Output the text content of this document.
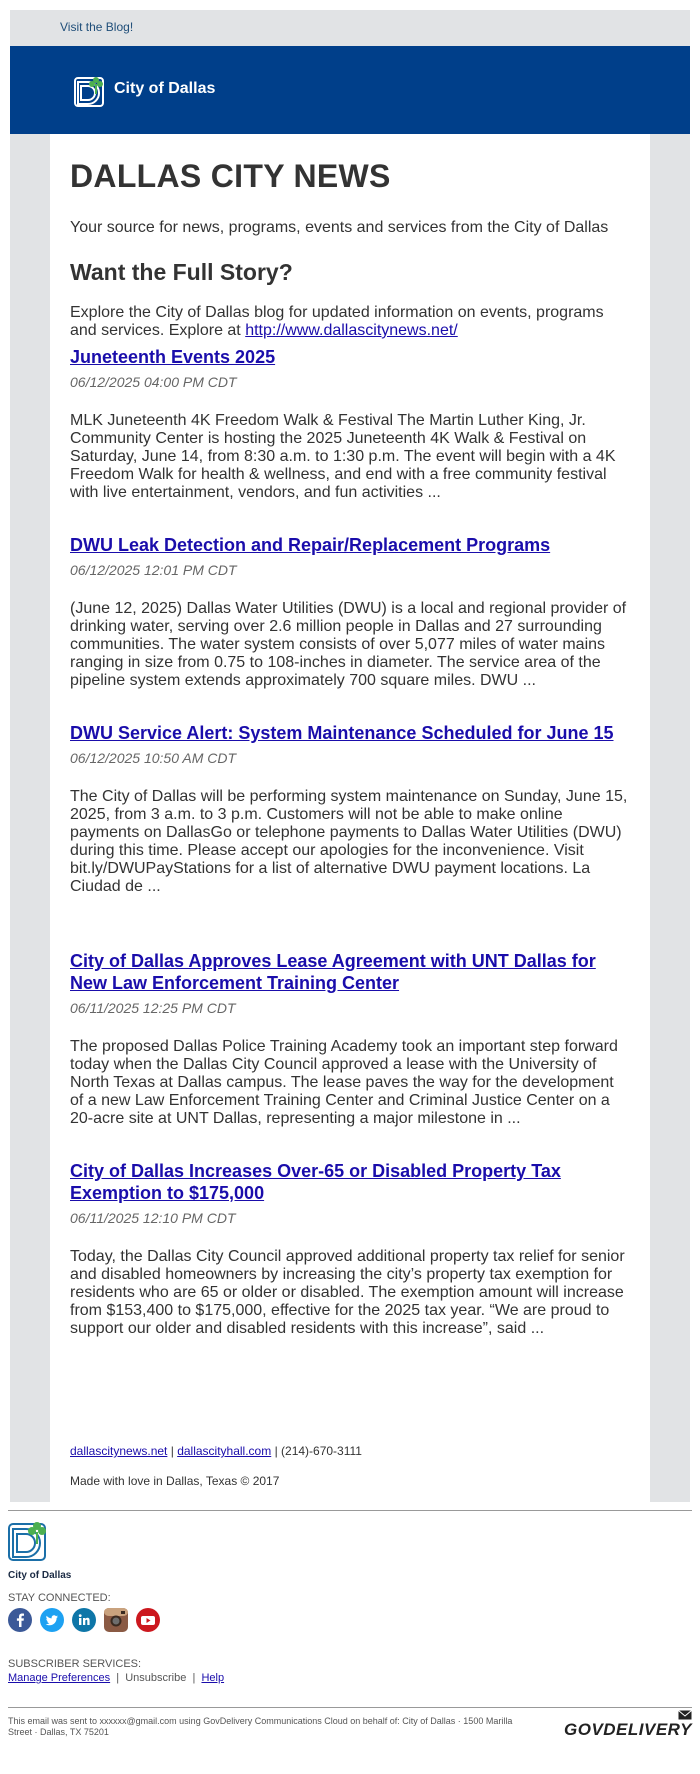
Visit the Blog!
City of Dallas
DALLAS CITY NEWS

Your source for news, programs, events and services from the City of Dallas

Want the Full Story?

Explore the City of Dallas blog for updated information on events, programs and services. Explore at http://www.dallascitynews.net/

Juneteenth Events 2025
06/12/2025 04:00 PM CDT
MLK Juneteenth 4K Freedom Walk & Festival The Martin Luther King, Jr. Community Center is hosting the 2025 Juneteenth 4K Walk & Festival on Saturday, June 14, from 8:30 a.m. to 1:30 p.m. The event will begin with a 4K Freedom Walk for health & wellness, and end with a free community festival with live entertainment, vendors, and fun activities ...
DWU Leak Detection and Repair/Replacement Programs
06/12/2025 12:01 PM CDT
(June 12, 2025) Dallas Water Utilities (DWU) is a local and regional provider of drinking water, serving over 2.6 million people in Dallas and 27 surrounding communities. The water system consists of over 5,077 miles of water mains ranging in size from 0.75 to 108-inches in diameter. The service area of the pipeline system extends approximately 700 square miles. DWU ...
DWU Service Alert: System Maintenance Scheduled for June 15
06/12/2025 10:50 AM CDT
The City of Dallas will be performing system maintenance on Sunday, June 15, 2025, from 3 a.m. to 3 p.m. Customers will not be able to make online payments on DallasGo or telephone payments to Dallas Water Utilities (DWU) during this time. Please accept our apologies for the inconvenience. Visit bit.ly/DWUPayStations for a list of alternative DWU payment locations. La Ciudad de ...
City of Dallas Approves Lease Agreement with UNT Dallas for New Law Enforcement Training Center
06/11/2025 12:25 PM CDT
The proposed Dallas Police Training Academy took an important step forward today when the Dallas City Council approved a lease with the University of North Texas at Dallas campus. The lease paves the way for the development of a new Law Enforcement Training Center and Criminal Justice Center on a 20-acre site at UNT Dallas, representing a major milestone in ...
City of Dallas Increases Over-65 or Disabled Property Tax Exemption to $175,000
06/11/2025 12:10 PM CDT
Today, the Dallas City Council approved additional property tax relief for senior and disabled homeowners by increasing the city’s property tax exemption for residents who are 65 or older or disabled. The exemption amount will increase from $153,400 to $175,000, effective for the 2025 tax year. “We are proud to support our older and disabled residents with this increase”, said ...
dallascitynews.net | dallascityhall.com | (214)-670-3111
Made with love in Dallas, Texas © 2017
City of Dallas
STAY CONNECTED:
SUBSCRIBER SERVICES:
Manage Preferences  |  Unsubscribe  |  Help
This email was sent to xxxxxx@gmail.com using GovDelivery Communications Cloud on behalf of: City of Dallas · 1500 Marilla Street · Dallas, TX 75201	GOVDELIVERY
